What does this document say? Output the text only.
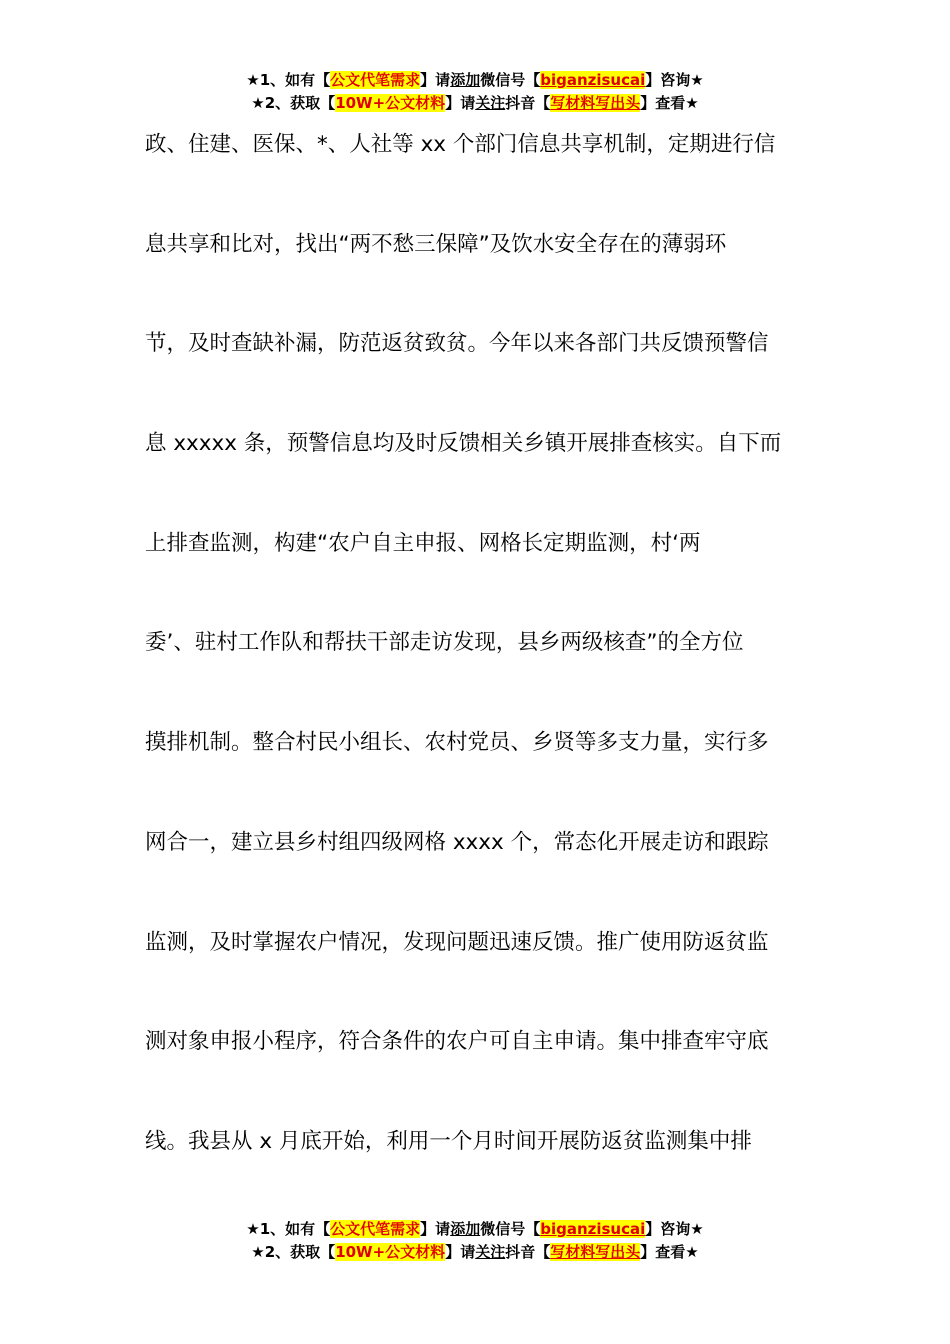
★1、如有【公文代笔需求】请添加微信号【biganzisucai】咨询★
★2、获取【10W+公文材料】请关注抖音【写材料写出头】查看★
政、住建、医保、*、人社等 xx 个部门信息共享机制，定期进行信
息共享和比对，找出“两不愁三保障”及饮水安全存在的薄弱环
节，及时查缺补漏，防范返贫致贫。今年以来各部门共反馈预警信
息 xxxxx 条，预警信息均及时反馈相关乡镇开展排查核实。自下而
上排查监测，构建“农户自主申报、网格长定期监测，村‘两
委’、驻村工作队和帮扶干部走访发现，县乡两级核查”的全方位
摸排机制。整合村民小组长、农村党员、乡贤等多支力量，实行多
网合一，建立县乡村组四级网格 xxxx 个，常态化开展走访和跟踪
监测，及时掌握农户情况，发现问题迅速反馈。推广使用防返贫监
测对象申报小程序，符合条件的农户可自主申请。集中排查牢守底
线。我县从 x 月底开始，利用一个月时间开展防返贫监测集中排
★1、如有【公文代笔需求】请添加微信号【biganzisucai】咨询★
★2、获取【10W+公文材料】请关注抖音【写材料写出头】查看★
